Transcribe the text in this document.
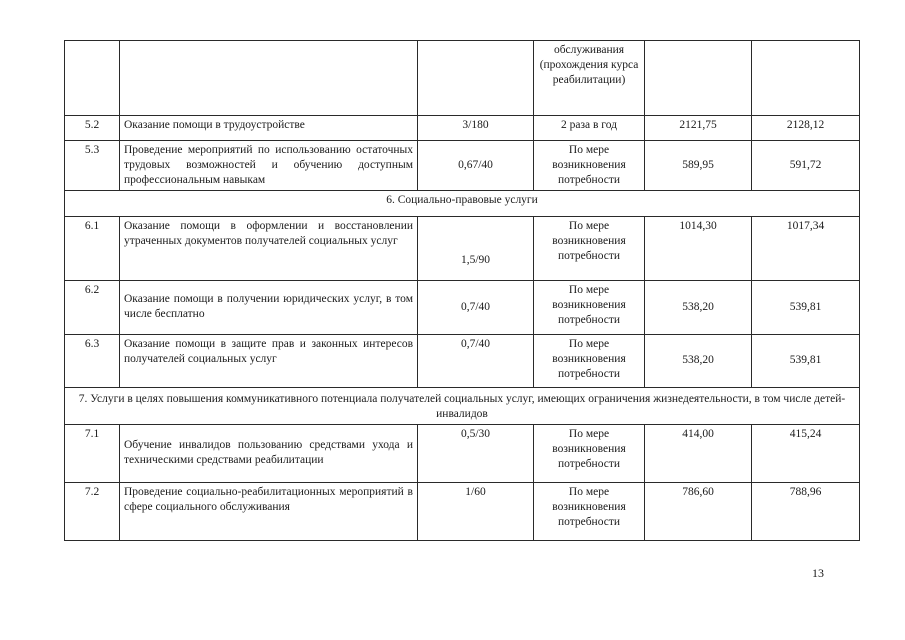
			обслуживания (прохождения курса реабилитации)		
5.2	Оказание помощи в трудоустройстве	3/180	2 раза в год	2121,75	2128,12
5.3	Проведение мероприятий по использованию остаточных трудовых возможностей и обучению доступным профессиональным навыкам	0,67/40	По мере возникновения потребности	589,95	591,72
6. Социально-правовые услуги					
6.1	Оказание помощи в оформлении и восстановлении утраченных документов получателей социальных услуг	1,5/90	По мере возникновения потребности	1014,30	1017,34
6.2	Оказание помощи в получении юридических услуг, в том числе бесплатно	0,7/40	По мере возникновения потребности	538,20	539,81
6.3	Оказание помощи в защите прав и законных интересов получателей социальных услуг	0,7/40	По мере возникновения потребности	538,20	539,81
7. Услуги в целях повышения коммуникативного потенциала получателей социальных услуг, имеющих ограничения жизнедеятельности, в том числе детей-инвалидов					
7.1	Обучение инвалидов пользованию средствами ухода и техническими средствами реабилитации	0,5/30	По мере возникновения потребности	414,00	415,24
7.2	Проведение социально-реабилитационных мероприятий в сфере социального обслуживания	1/60	По мере возникновения потребности	786,60	788,96
13
